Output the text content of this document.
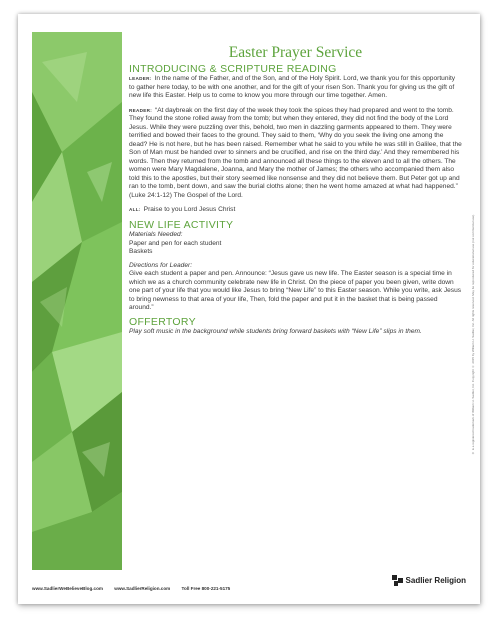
Easter Prayer Service
INTRODUCING & SCRIPTURE READING

LEADER: In the name of the Father, and of the Son, and of the Holy Spirit. Lord, we thank you for this opportunity to gather here today, to be with one another, and for the gift of your risen Son. Thank you for giving us the gift of new life this Easter. Help us to come to know you more through our time together. Amen.

READER: “At daybreak on the first day of the week they took the spices they had prepared and went to the tomb. They found the stone rolled away from the tomb; but when they entered, they did not find the body of the Lord Jesus. While they were puzzling over this, behold, two men in dazzling garments appeared to them. They were terrified and bowed their faces to the ground. They said to them, ‘Why do you seek the living one among the dead? He is not here, but he has been raised. Remember what he said to you while he was still in Galilee, that the Son of Man must be handed over to sinners and be crucified, and rise on the third day.’ And they remembered his words. Then they returned from the tomb and announced all these things to the eleven and to all the others. The women were Mary Magdalene, Joanna, and Mary the mother of James; the others who accompanied them also told this to the apostles, but their story seemed like nonsense and they did not believe them. But Peter got up and ran to the tomb, bent down, and saw the burial cloths alone; then he went home amazed at what had happened.” (Luke 24:1-12) The Gospel of the Lord.

ALL: Praise to you Lord Jesus Christ

NEW LIFE ACTIVITY
Materials Needed:
Paper and pen for each student
Baskets
Directions for Leader:
Give each student a paper and pen. Announce: “Jesus gave us new life. The Easter season is a special time in which we as a church community celebrate new life in Christ. On the piece of paper you been given, write down one part of your life that you would like Jesus to bring “New Life” to this Easter season. While you write, ask Jesus to bring newness to that area of your life, Then, fold the paper and put it in the basket that is being passed around.”
OFFERTORY

Play soft music in the background while students bring forward baskets with “New Life” slips in them.

www.SadlierWeBelieveBlog.com www.SadlierReligion.com Toll Free 800-221-5175
Sadlier Religion
® is a registered trademark of William H. Sadlier, Inc. Copyright © 2015 by William H. Sadlier, Inc. All rights reserved. May be reproduced for educational use (not commercial use).
